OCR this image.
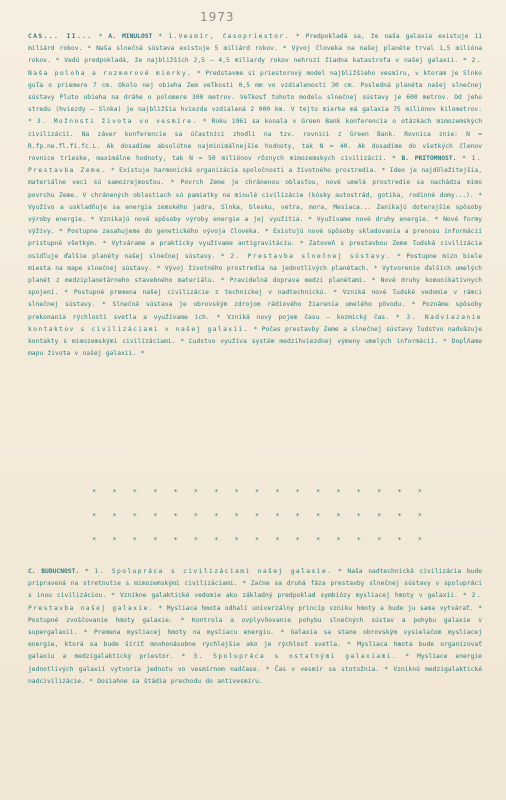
1973
CAS... II... * A. MINULOST * 1.Vesmír, časopriestor. * Predpokladá sa, že naša galaxia existuje 11 miliárd rokov. * Naša slnečná sústava existuje 5 miliárd rokov. * Vývoj človeka na našej planéte trval 1,5 milióna rokov. * Vedú predpokladá, že najbližších 2,5 – 4,5 miliardy rokov nehrozí žiadna katastrofa v našej galaxii. * 2. Naša poloha a rozmerové mierky. * Predstavme si priestorový model najbližšieho vesmíru, v ktoram je Slnko guľa o priemere 7 cm. Okolo nej obieha Zem veľkosti 0,5 mm vo vzdialenosti 30 cm. Posledná planéta našej slnečnej sústavy Pluto obieha na dráhe o polomere 300 metrov. Veľkosť tohoto modelu slnečnej sústavy je 600 metrov. Od jeho stredu (hviezdy — Slnka) je najbližšia hviezda vzdialená 2 000 km. V tejto mierke má galaxia 75 miliónov kilometrov. * 3. Možnosti života vo vesmíre. * Roku 1961 sa konala v Green Bank konferencia o otázkach mimozemských civilizácií. Na záver konferencie sa účastníci zhodli na tzv. rovnici z Green Bank. Rovnica znie: N = R.fp.ne.fl.fi.fc.L. Ak dosadíme absolútne najminimálnejšie hodnoty, tak N = 40. Ak dosadíme do všetkých členov rovnice trieske, maximálne hodnoty, tak N = 50 miliónov rôznych mimozemských civilizácií. * B. PRITOMNOST. * 1. Prestavba Zeme. * Existuje harmonická organizácia spoločnosti a životného prostredia. * Ideo je najdôležitejšia, materiálne veci sú samozrejmosťou. * Povrch Zeme je chránenou oblasťou, nové umelé prostredie sa nachádza mimo povrchu Zeme. V chránených oblastiach sú pamiatky na minulé civilizácie (kúsky autostrád, gotika, rodinné domy...). * Využívo a uskladňuje sa energia zemského jadra, Slnka, blesku, vetra, mora, Mesiaca... Zanikajú doterajšie spôsoby výroby energie. * Vznikajú nové spôsoby výroby energie a jej využitia. * Využívame nové druhy energie. * Nové formy výživy. * Postupne zasahujeme do genetického vývoja človeka. * Existujú nové spôsoby skladovania a prenosu informácií pristupné všetkým. * Vytvárame a prakticky využívame antigravitáciu. * Zatoveň s prestavbou Zeme ľudská civilizácia osídľuje ďalšie planéty našej slnečnej sústavy. * 2. Prestavba slnečnej sústavy. * Postupne mizn biele miesta na mape slnečnej sústavy. * Vývoj životného prostredia na jednotlivých planétach. * Vytvorenie ďalších umelých planét z medziplanetárneho stavebného materiálu. * Pravidelná doprava medzi planétami. * Nové druhy komunikatívnych spojení. * Postupné premena našej civilizácie z technickej v nadtechnickú. * Vzniká nové ľudské vedomie v rámci slnečnej sústavy. * Slnečná sústava je obrovským zdrojom rádiového žiarenia umelého pôvodu. * Poznáme spôsoby prekonania rýchlosti svetla a využívame ich. * Vzniká nový pojem času — kozmický čas. * 3. Nadviazanie kontaktov s civilizáciami v našej galaxii. * Počas prestavby Zeme a slnečnej sústavy ľudstvo nadväzuje kontakty s mimozemskými civilizáciami. * Ľudstvo využíva systém medzihviezdnej výmeny umelých informácií. * Dopĺňame mapu života v našej galaxii. *
* * * * * * * * * * * * * * * * *
* * * * * * * * * * * * * * * * *
* * * * * * * * * * * * * * * * *
C. BUDUCNOST. * 1. Spolupráca s civilizáciami našej galaxie. * Naša nadtechnická civilizácia bude pripravená na stretnutie s mimozemskými civilizáciami. * Začne sa druhá fáza prestavby slnečnej sústavy v spolupráci s inou civilizáciou. * Vznikne galaktické vedomie ako základný predpoklad symbiózy mysliacej hmoty v galaxii. * 2. Prestavba našej galaxie. * Mysliaca hmota odhalí univerzálny princíp vzniku hmoty a bude ju sama vytvárať. * Postupné zvoščovanie hmoty galaxie. * Kontrola a ovplyvňovanie pohybu slnečných sústav a pohybu galaxie v supergalaxii. * Premena mysliacej hmoty na mysliacu energiu. * Galaxia sa stane obrovským vysielačom mysliacej energie, ktorá sa bude šíriť mnohonásobne rýchlejšie ako je rýchlosť svetla. * Mysliaca hmota bude organizovať galaxiu a medzigalaktický priestor. * 3. Spolupráca s ostatnými galaxiami. * Mysliace energie jednotlivých galaxií vytvoria jednotu vo vesmírnom nadčase. * Čas v vesmír sa stotožnia. * Vzniknú medzigalaktické nadcivilizácie. * Dosiahne sa štádia prechodu do antivesmíru.
